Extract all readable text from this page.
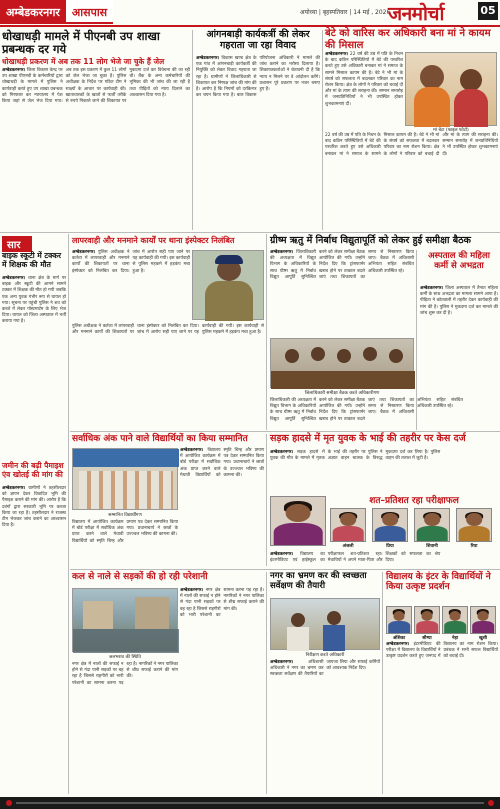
अम्बेडकरनगर	आसपास	अयोध्या | बृहस्पतिवार | 14 मई , 2026
जनमोर्चा	05
धोखाधड़ी मामले में पीएनबी उप शाखा प्रबन्धक दर गये
धोखाधड़ी प्रकरण में अब तक 11 लोग भेजे जा चुके हैं जेल
अम्बेडकरनगर। जिला विकास केन्द्र पर उप शाखा पीएनबी के कर्मचारियों द्वारा धोखाधड़ी के मामले में पुलिस ने कार्यवाही करते हुए उप शाखा प्रबन्धक को गिरफ्तार कर न्यायालय में पेश किया जहां से जेल भेज दिया गया। अब तक इस प्रकरण में कुल 11 लोगों को जेल भेजा जा चुका है। पुलिस अधीक्षक के निर्देश पर गठित टीम ने साक्ष्यों के आधार पर कार्यवाही की। खाताधारकों के खातों से फर्जी तरीके से रुपये निकाले जाने की शिकायत पर मुकदमा दर्ज कर विवेचना की जा रही थी। बैंक के अन्य कर्मचारियों की भूमिका की भी जांच की जा रही है तथा पीड़ितों को न्याय दिलाने का आश्वासन दिया गया है।
आंगनबाड़ी कार्यकर्त्री की लेकर गहराता जा रहा विवाद
अम्बेडकरनगर। विकास खण्ड क्षेत्र के एक गांव में आंगनबाड़ी कार्यकर्त्री की नियुक्ति को लेकर विवाद गहराता जा रहा है। ग्रामीणों ने जिलाधिकारी से शिकायत कर निष्पक्ष जांच की मांग की है। आरोप है कि नियमों को दरकिनार कर चयन किया गया है। बाल विकास परियोजना अधिकारी ने मामले की जांच कराने का भरोसा दिलाया है। शिकायतकर्ताओं ने चेतावनी दी है कि न्याय न मिलने पर वे आंदोलन करेंगे। प्रशासन पूरे प्रकरण पर नजर बनाए हुए है।
बेटे को वारिस कर अधिकारी बना मां ने कायम की मिसाल
अम्बेडकरनगर। 22 वर्ष की उम्र में पति के निधन के बाद कठिन परिस्थितियों में बेटे की परवरिश करते हुए उसे अधिकारी बनाकर मां ने समाज के सामने मिसाल कायम की है। बेटे ने भी मां के संघर्ष को सफलता में बदलकर परिवार का नाम रोशन किया। क्षेत्र के लोगों ने परिवार को बधाई दी और मां के त्याग की सराहना की। सम्मान समारोह में जनप्रतिनिधियों ने भी उपस्थित होकर शुभकामनाएं दीं।
मां बेटा (फाइल फोटो)
22 वर्ष की उम्र में पति के निधन के बाद कठिन परिस्थितियों में बेटे की परवरिश करते हुए उसे अधिकारी बनाकर मां ने समाज के सामने मिसाल कायम की है। बेटे ने भी मां के संघर्ष को सफलता में बदलकर परिवार का नाम रोशन किया। क्षेत्र के लोगों ने परिवार को बधाई दी और मां के त्याग की सराहना की। सम्मान समारोह में जनप्रतिनिधियों ने भी उपस्थित होकर शुभकामनाएं दीं।
सार
बाइक स्कूटी में टक्कर में शिक्षक की मौत
अम्बेडकरनगर। थाना क्षेत्र के मार्ग पर बाइक और स्कूटी की आमने सामने टक्कर में शिक्षक की मौत हो गयी जबकि एक अन्य युवक गंभीर रूप से घायल हो गया। सूचना पर पहुंची पुलिस ने शव को कब्जे में लेकर पोस्टमार्टम के लिए भेज दिया। घायल को जिला अस्पताल में भर्ती कराया गया है।
जमीन की बढ़ी पैमाइश एंव खोतई की मांग की
अम्बेडकरनगर। ग्रामीणों ने तहसीलदार को ज्ञापन देकर विवादित भूमि की पैमाइश कराने की मांग की। आरोप है कि दबंगों द्वारा सरकारी भूमि पर कब्जा किया जा रहा है। तहसीलदार ने राजस्व टीम भेजकर जांच कराने का आश्वासन दिया है।
लापरवाही और मनमाने कार्यों पर थाना इंस्पेक्टर निलंबित
अम्बेडकरनगर। पुलिस अधीक्षक ने कर्तव्य में लापरवाही और मनमाने कार्यों की शिकायतों पर थाना इंस्पेक्टर को निलंबित कर दिया। जांच में आरोप सही पाए जाने पर यह कार्यवाही की गयी। इस कार्यवाही से पुलिस महकमे में हड़कंप मचा हुआ है।
पुलिस अधीक्षक ने कर्तव्य में लापरवाही और मनमाने कार्यों की शिकायतों पर थाना इंस्पेक्टर को निलंबित कर दिया। जांच में आरोप सही पाए जाने पर यह कार्यवाही की गयी। इस कार्यवाही से पुलिस महकमे में हड़कंप मचा हुआ है।
ग्रीष्म ऋतु में निर्बाध विद्युतापूर्ति को लेकर हुई समीक्षा बैठक
अम्बेडकरनगर। जिलाधिकारी की अध्यक्षता में विद्युत विभाग के अधिकारियों के साथ ग्रीष्म ऋतु में निर्बाध विद्युत आपूर्ति सुनिश्चित करने को लेकर समीक्षा बैठक आयोजित की गयी। उन्होंने निर्देश दिए कि ट्रांसफार्मर खराब होने पर तत्काल बदले जाएं तथा शिकायतों का समय से निस्तारण किया जाए। बैठक में अधिशासी अभियंता सहित संबंधित अधिकारी उपस्थित रहे।
जिलाधिकारी समीक्षा बैठक करते अधिकारीगण
जिलाधिकारी की अध्यक्षता में विद्युत विभाग के अधिकारियों के साथ ग्रीष्म ऋतु में निर्बाध विद्युत आपूर्ति सुनिश्चित करने को लेकर समीक्षा बैठक आयोजित की गयी। उन्होंने निर्देश दिए कि ट्रांसफार्मर खराब होने पर तत्काल बदले जाएं तथा शिकायतों का समय से निस्तारण किया जाए। बैठक में अधिशासी अभियंता सहित संबंधित अधिकारी उपस्थित रहे।
अस्पताल की महिला कर्मी से अभद्रता
अम्बेडकरनगर। जिला अस्पताल में तैनात महिला कर्मी के साथ अभद्रता का मामला सामने आया है। पीड़िता ने कोतवाली में तहरीर देकर कार्यवाही की मांग की है। पुलिस ने मुकदमा दर्ज कर मामले की जांच शुरू कर दी है।
सर्वाधिक अंक पाने वाले विद्यार्थियों का किया सम्मानित
सम्मानित विद्यार्थीगण
अम्बेडकरनगर। विद्यालय में आयोजित कार्यक्रम में बोर्ड परीक्षा में सर्वाधिक अंक प्राप्त करने वाले मेधावी विद्यार्थियों को स्मृति चिन्ह और प्रमाण पत्र देकर सम्मानित किया गया। प्रधानाचार्य ने छात्रों के उज्ज्वल भविष्य की कामना की।
विद्यालय में आयोजित कार्यक्रम में बोर्ड परीक्षा में सर्वाधिक अंक प्राप्त करने वाले मेधावी विद्यार्थियों को स्मृति चिन्ह और प्रमाण पत्र देकर सम्मानित किया गया। प्रधानाचार्य ने छात्रों के उज्ज्वल भविष्य की कामना की।
सड़क हादसे में मृत युवक के भाई की तहरीर पर केस दर्ज
अम्बेडकरनगर। सड़क हादसे में युवक की मौत के मामले में मृतक के भाई की तहरीर पर पुलिस ने अज्ञात वाहन चालक के विरुद्ध मुकदमा दर्ज कर लिया है। पुलिस वाहन की तलाश में जुटी है।
शत–प्रतिशत रहा परीक्षाफल
अंजली	प्रिया	शिवानी	रिया
अम्बेडकरनगर। विद्यालय का इंटरमीडिएट एवं हाईस्कूल का परीक्षाफल शत-प्रतिशत रहा। मेधावियों ने अपने माता-पिता और शिक्षकों को सफलता का श्रेय दिया।
कल से नाले से सड़कों की हो रही परेशानी
जलभराव की स्थिति
अम्बेडकरनगर। नगर क्षेत्र में नालों की सफाई न होने से गंदा पानी सड़कों पर बह रहा है जिससे राहगीरों को भारी परेशानी का सामना करना पड़ रहा है। नागरिकों ने नगर पालिका से शीघ्र सफाई कराने की मांग की।
नगर क्षेत्र में नालों की सफाई न होने से गंदा पानी सड़कों पर बह रहा है जिससे राहगीरों को भारी परेशानी का सामना करना पड़ रहा है। नागरिकों ने नगर पालिका से शीघ्र सफाई कराने की मांग की।
नगर का भ्रमण कर की स्वच्छता सर्वेक्षण की तैयारी
निरीक्षण करते अधिकारी
अम्बेडकरनगर।	अधिशासी अधिकारी ने नगर का भ्रमण कर स्वच्छता सर्वेक्षण की तैयारियों का जायजा लिया और सफाई कर्मियों को आवश्यक निर्देश दिए।
विद्यालय के इंटर के विद्यार्थियों ने किया उत्कृष्ट प्रदर्शन
अंशिका	सौम्या	नेहा	खुशी
अम्बेडकरनगर। इंटरमीडिएट की परीक्षा में विद्यालय के विद्यार्थियों ने उत्कृष्ट प्रदर्शन करते हुए जनपद में विद्यालय का नाम रोशन किया। प्रबंधक ने सभी सफल विद्यार्थियों को बधाई दी।
